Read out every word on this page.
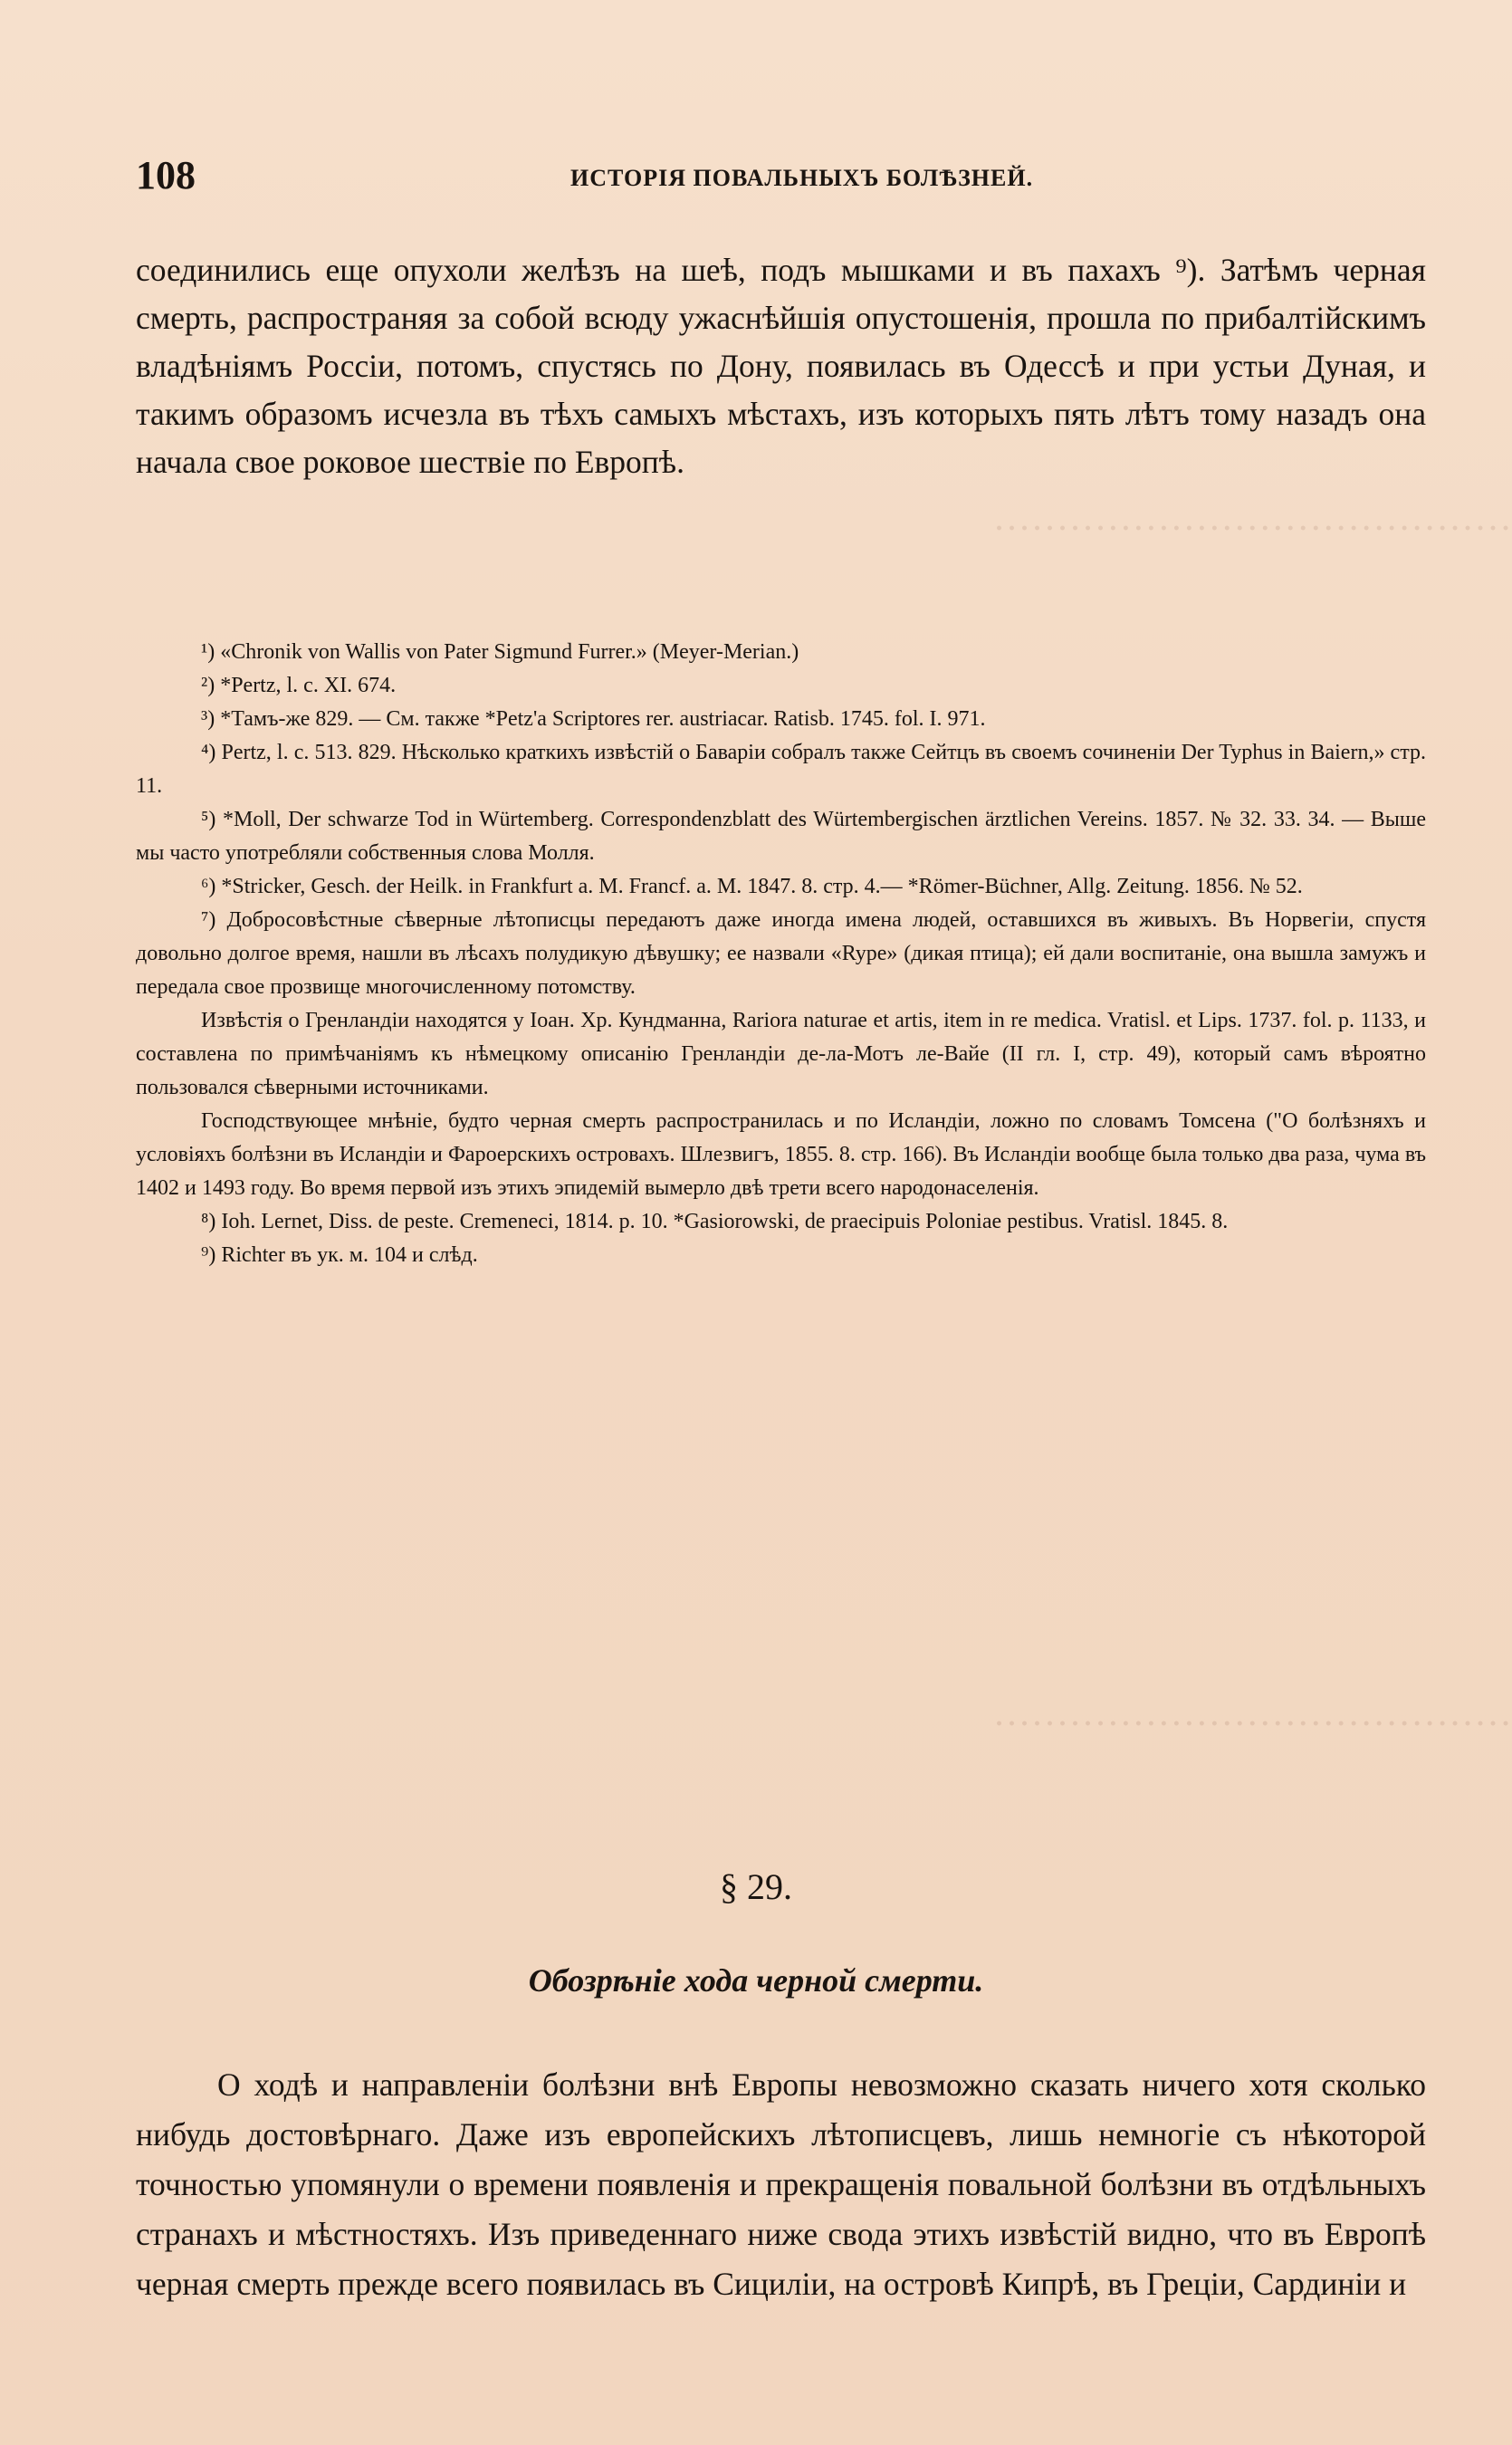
·········································
·········································
108	ИСТОРІЯ ПОВАЛЬНЫХЪ БОЛѢЗНЕЙ.

соединились еще опухоли желѣзъ на шеѣ, подъ мышками и въ пахахъ ⁹). Затѣмъ черная смерть, распространяя за собой всюду ужаснѣйшія опустошенія, прошла по прибалтійскимъ владѣніямъ Россіи, потомъ, спустясь по Дону, появилась въ Одессѣ и при устьи Дуная, и такимъ образомъ исчезла въ тѣхъ самыхъ мѣстахъ, изъ которыхъ пять лѣтъ тому назадъ она начала свое роковое шествіе по Европѣ.

¹) «Chronik von Wallis von Pater Sigmund Furrer.» (Meyer-Merian.)

²) *Pertz, l. c. XI. 674.

³) *Тамъ-же 829. — См. также *Petz'a Scriptores rer. austriacar. Ratisb. 1745. fol. I. 971.

⁴) Pertz, l. c. 513. 829. Нѣсколько краткихъ извѣстій о Баваріи собралъ также Сейтцъ въ своемъ сочиненіи Der Typhus in Baiern,» стр. 11.

⁵) *Moll, Der schwarze Tod in Würtemberg. Correspondenzblatt des Würtembergischen ärztlichen Vereins. 1857. № 32. 33. 34. — Выше мы часто употребляли собственныя слова Молля.

⁶) *Stricker, Gesch. der Heilk. in Frankfurt a. M. Francf. a. M. 1847. 8. стр. 4.— *Römer-Büchner, Allg. Zeitung. 1856. № 52.

⁷) Добросовѣстные сѣверные лѣтописцы передаютъ даже иногда имена людей, оставшихся въ живыхъ. Въ Норвегіи, спустя довольно долгое время, нашли въ лѣсахъ полудикую дѣвушку; ее назвали «Rype» (дикая птица); ей дали воспитаніе, она вышла замужъ и передала свое прозвище многочисленному потомству.

Извѣстія о Гренландіи находятся у Іоан. Хр. Кундманна, Rariora naturae et artis, item in re medica. Vratisl. et Lips. 1737. fol. p. 1133, и составлена по примѣчаніямъ къ нѣмецкому описанію Гренландіи де-ла-Мотъ ле-Вайе (II гл. I, стр. 49), который самъ вѣроятно пользовался сѣверными источниками.

Господствующее мнѣніе, будто черная смерть распространилась и по Исландіи, ложно по словамъ Томсена ("О болѣзняхъ и условіяхъ болѣзни въ Исландіи и Фароерскихъ островахъ. Шлезвигъ, 1855. 8. стр. 166). Въ Исландіи вообще была только два раза, чума въ 1402 и 1493 году. Во время первой изъ этихъ эпидемій вымерло двѣ трети всего народонаселенія.

⁸) Ioh. Lernet, Diss. de peste. Cremeneci, 1814. p. 10. *Gasiorowski, de praecipuis Poloniae pestibus. Vratisl. 1845. 8.

⁹) Richter въ ук. м. 104 и слѣд.

§ 29.
Обозрѣніе хода черной смерти.

О ходѣ и направленіи болѣзни внѣ Европы невозможно сказать ничего хотя сколько нибудь достовѣрнаго. Даже изъ европейскихъ лѣтописцевъ, лишь немногіе съ нѣкоторой точностью упомянули о времени появленія и прекращенія повальной болѣзни въ отдѣльныхъ странахъ и мѣстностяхъ. Изъ приведеннаго ниже свода этихъ извѣстій видно, что въ Европѣ черная смерть прежде всего появилась въ Сициліи, на островѣ Кипрѣ, въ Греціи, Сардиніи и
